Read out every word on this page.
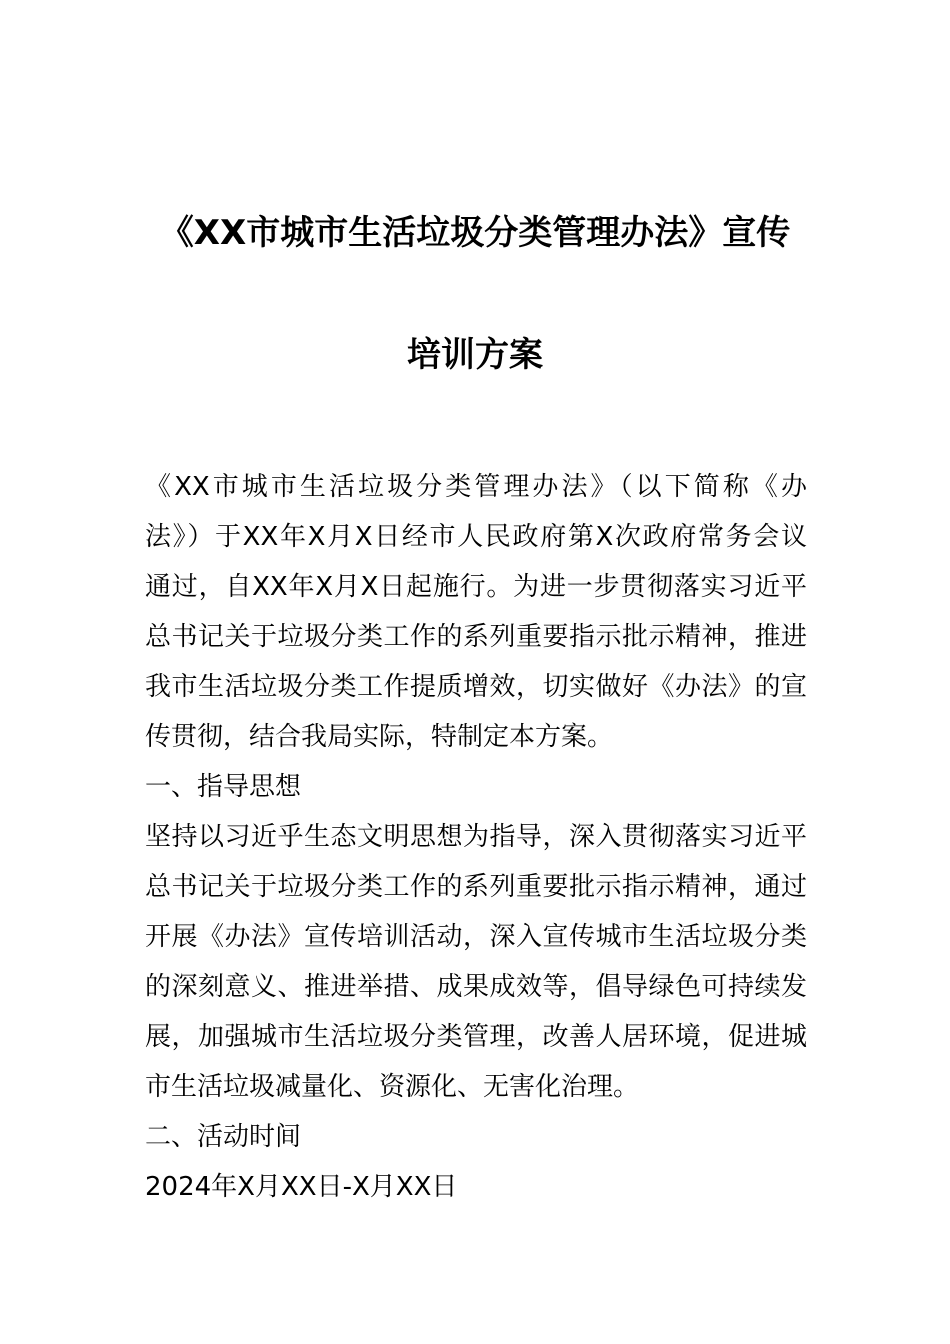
《XX市城市生活垃圾分类管理办法》宣传
培训方案
《XX市城市生活垃圾分类管理办法》（以下简称《办
法》）于XX年X月X日经市人民政府第X次政府常务会议
通过，自XX年X月X日起施行。为进一步贯彻落实习近平
总书记关于垃圾分类工作的系列重要指示批示精神，推进
我市生活垃圾分类工作提质增效，切实做好《办法》的宣
传贯彻，结合我局实际，特制定本方案。
一、指导思想
坚持以习近乎生态文明思想为指导，深入贯彻落实习近平
总书记关于垃圾分类工作的系列重要批示指示精神，通过
开展《办法》宣传培训活动，深入宣传城市生活垃圾分类
的深刻意义、推进举措、成果成效等，倡导绿色可持续发
展，加强城市生活垃圾分类管理，改善人居环境，促进城
市生活垃圾减量化、资源化、无害化治理。
二、活动时间
2024年X月XX日-X月XX日
